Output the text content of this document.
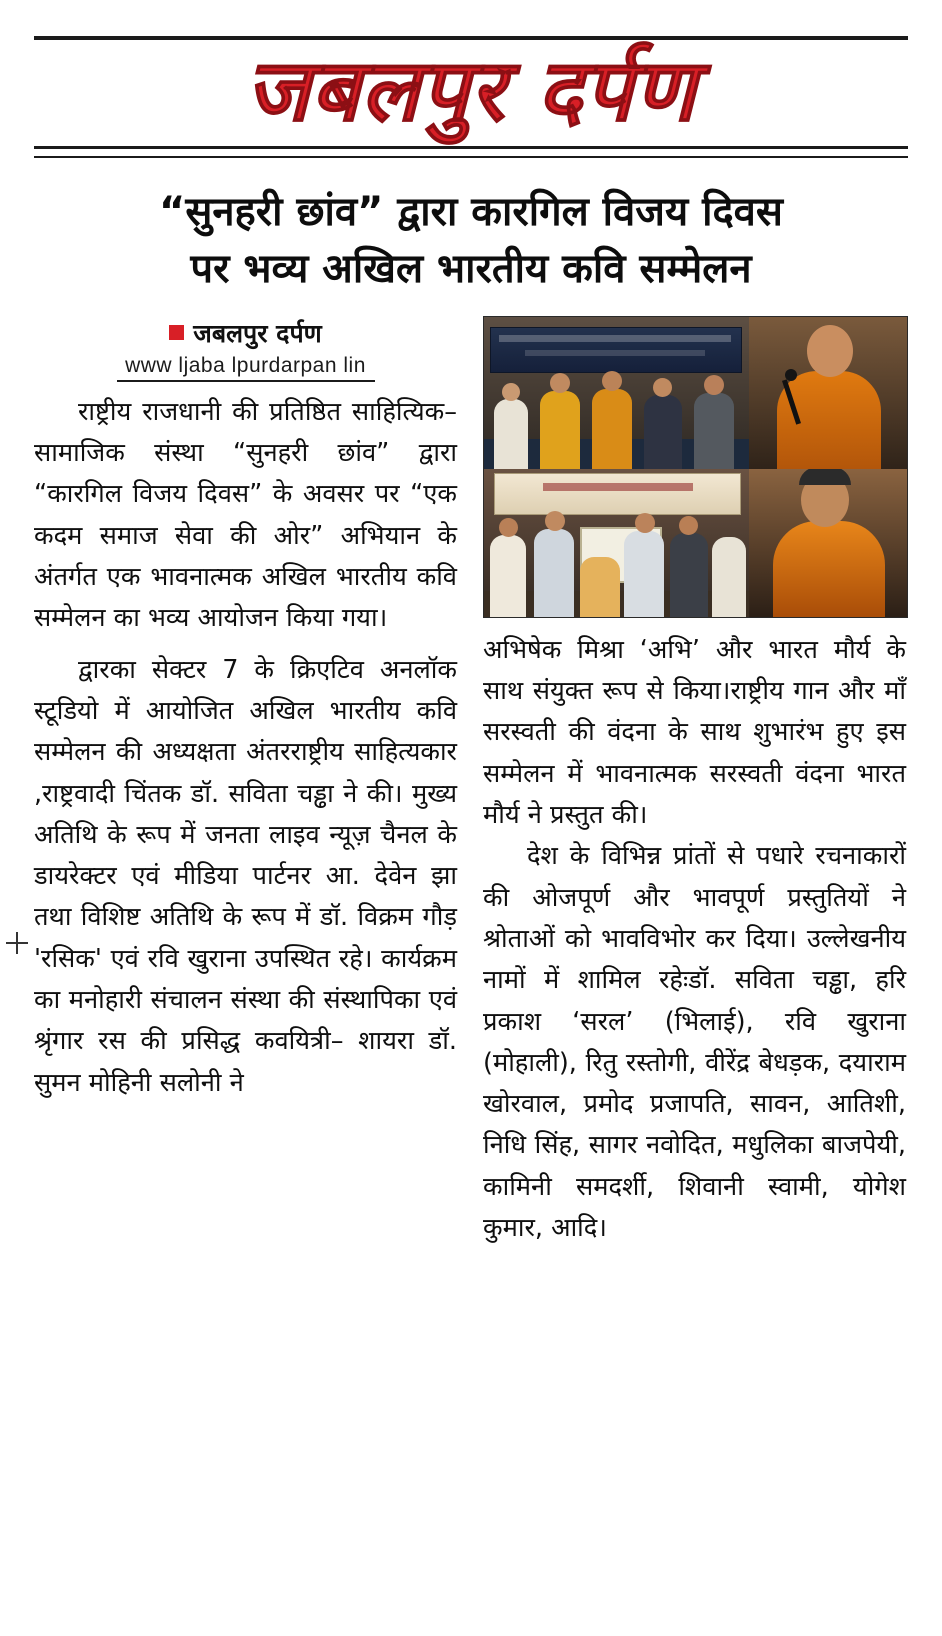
जबलपुर दर्पण
“सुनहरी छांव” द्वारा कारगिल विजय दिवस
पर भव्य अखिल भारतीय कवि सम्मेलन
जबलपुर दर्पण
www ljaba lpurdarpan lin

राष्ट्रीय राजधानी की प्रतिष्ठित साहित्यिक–सामाजिक संस्था “सुनहरी छांव” द्वारा “कारगिल विजय दिवस” के अवसर पर “एक कदम समाज सेवा की ओर” अभियान के अंतर्गत एक भावनात्मक अखिल भारतीय कवि सम्मेलन का भव्य आयोजन किया गया।

द्वारका सेक्टर 7 के क्रिएटिव अनलॉक स्टूडियो में आयोजित अखिल भारतीय कवि सम्मेलन की अध्यक्षता अंतरराष्ट्रीय साहित्यकार ,राष्ट्रवादी चिंतक डॉ. सविता चड्ढा ने की। मुख्य अतिथि के रूप में जनता लाइव न्यूज़ चैनल के डायरेक्टर एवं मीडिया पार्टनर आ. देवेन झा तथा विशिष्ट अतिथि के रूप में डॉ. विक्रम गौड़ 'रसिक' एवं रवि खुराना उपस्थित रहे। कार्यक्रम का मनोहारी संचालन संस्था की संस्थापिका एवं श्रृंगार रस की प्रसिद्ध कवयित्री– शायरा डॉ. सुमन मोहिनी सलोनी ने

अभिषेक मिश्रा ‘अभि’ और भारत मौर्य के साथ संयुक्त रूप से किया।राष्ट्रीय गान और माँ सरस्वती की वंदना के साथ शुभारंभ हुए इस सम्मेलन में भावनात्मक सरस्वती वंदना भारत मौर्य ने प्रस्तुत की।

देश के विभिन्न प्रांतों से पधारे रचनाकारों की ओजपूर्ण और भावपूर्ण प्रस्तुतियों ने श्रोताओं को भावविभोर कर दिया। उल्लेखनीय नामों में शामिल रहेःडॉ. सविता चड्ढा, हरि प्रकाश ‘सरल’ (भिलाई), रवि खुराना (मोहाली), रितु रस्तोगी, वीरेंद्र बेधड़क, दयाराम खोरवाल, प्रमोद प्रजापति, सावन, आतिशी, निधि सिंह, सागर नवोदित, मधुलिका बाजपेयी, कामिनी समदर्शी, शिवानी स्वामी, योगेश कुमार, आदि।
